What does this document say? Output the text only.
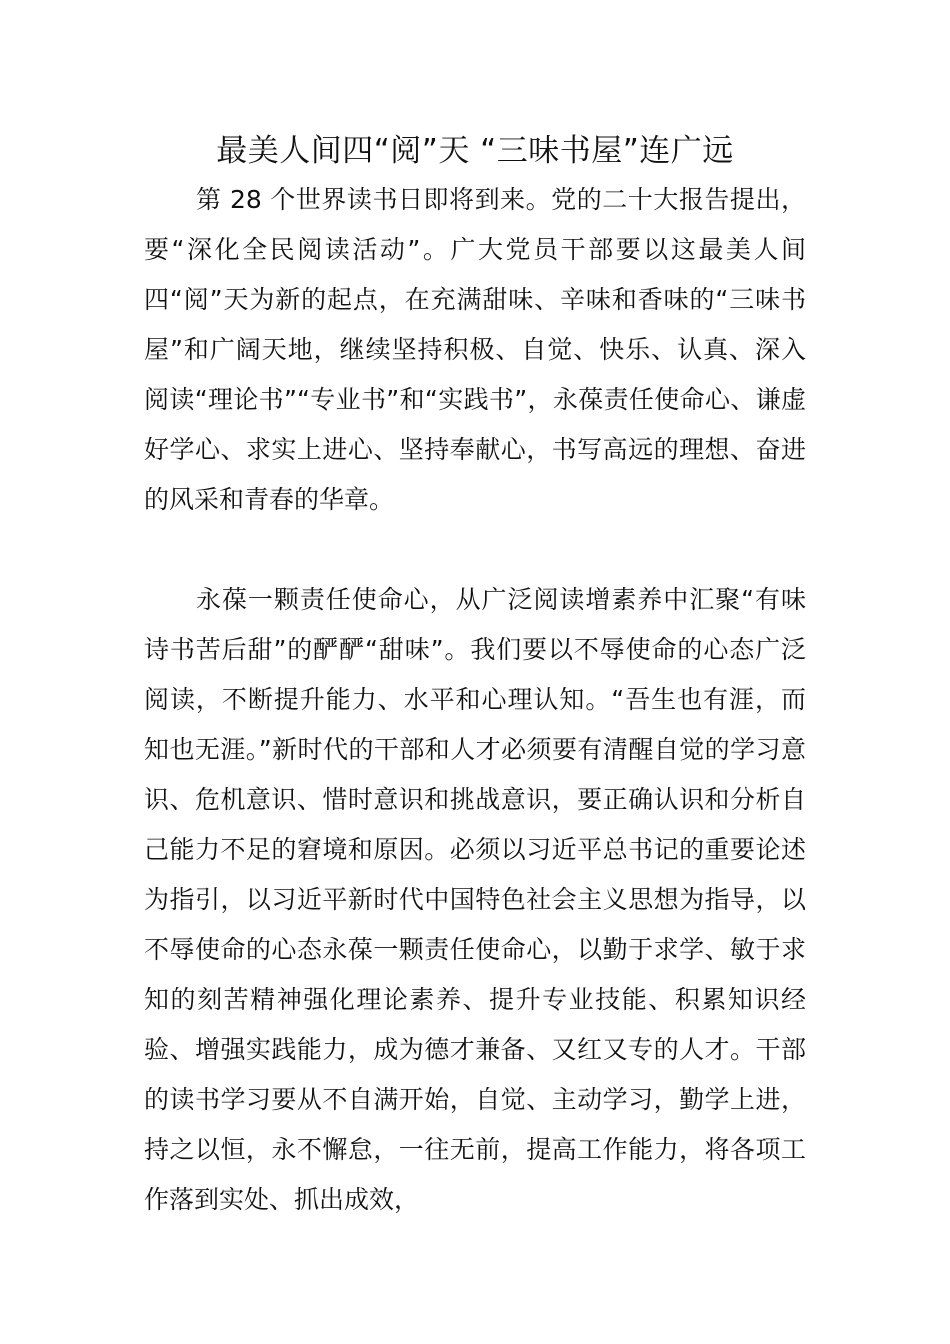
最美人间四“阅”天 “三味书屋”连广远

第 28 个世界读书日即将到来。党的二十大报告提出，要“深化全民阅读活动”。广大党员干部要以这最美人间四“阅”天为新的起点，在充满甜味、辛味和香味的“三味书屋”和广阔天地，继续坚持积极、自觉、快乐、认真、深入阅读“理论书”“专业书”和“实践书”，永葆责任使命心、谦虚好学心、求实上进心、坚持奉献心，书写高远的理想、奋进的风采和青春的华章。

永葆一颗责任使命心，从广泛阅读增素养中汇聚“有味诗书苦后甜”的酽酽“甜味”。我们要以不辱使命的心态广泛阅读，不断提升能力、水平和心理认知。“吾生也有涯，而知也无涯。”新时代的干部和人才必须要有清醒自觉的学习意识、危机意识、惜时意识和挑战意识，要正确认识和分析自己能力不足的窘境和原因。必须以习近平总书记的重要论述为指引，以习近平新时代中国特色社会主义思想为指导，以不辱使命的心态永葆一颗责任使命心，以勤于求学、敏于求知的刻苦精神强化理论素养、提升专业技能、积累知识经验、增强实践能力，成为德才兼备、又红又专的人才。干部的读书学习要从不自满开始，自觉、主动学习，勤学上进，持之以恒，永不懈怠，一往无前，提高工作能力，将各项工作落到实处、抓出成效，
